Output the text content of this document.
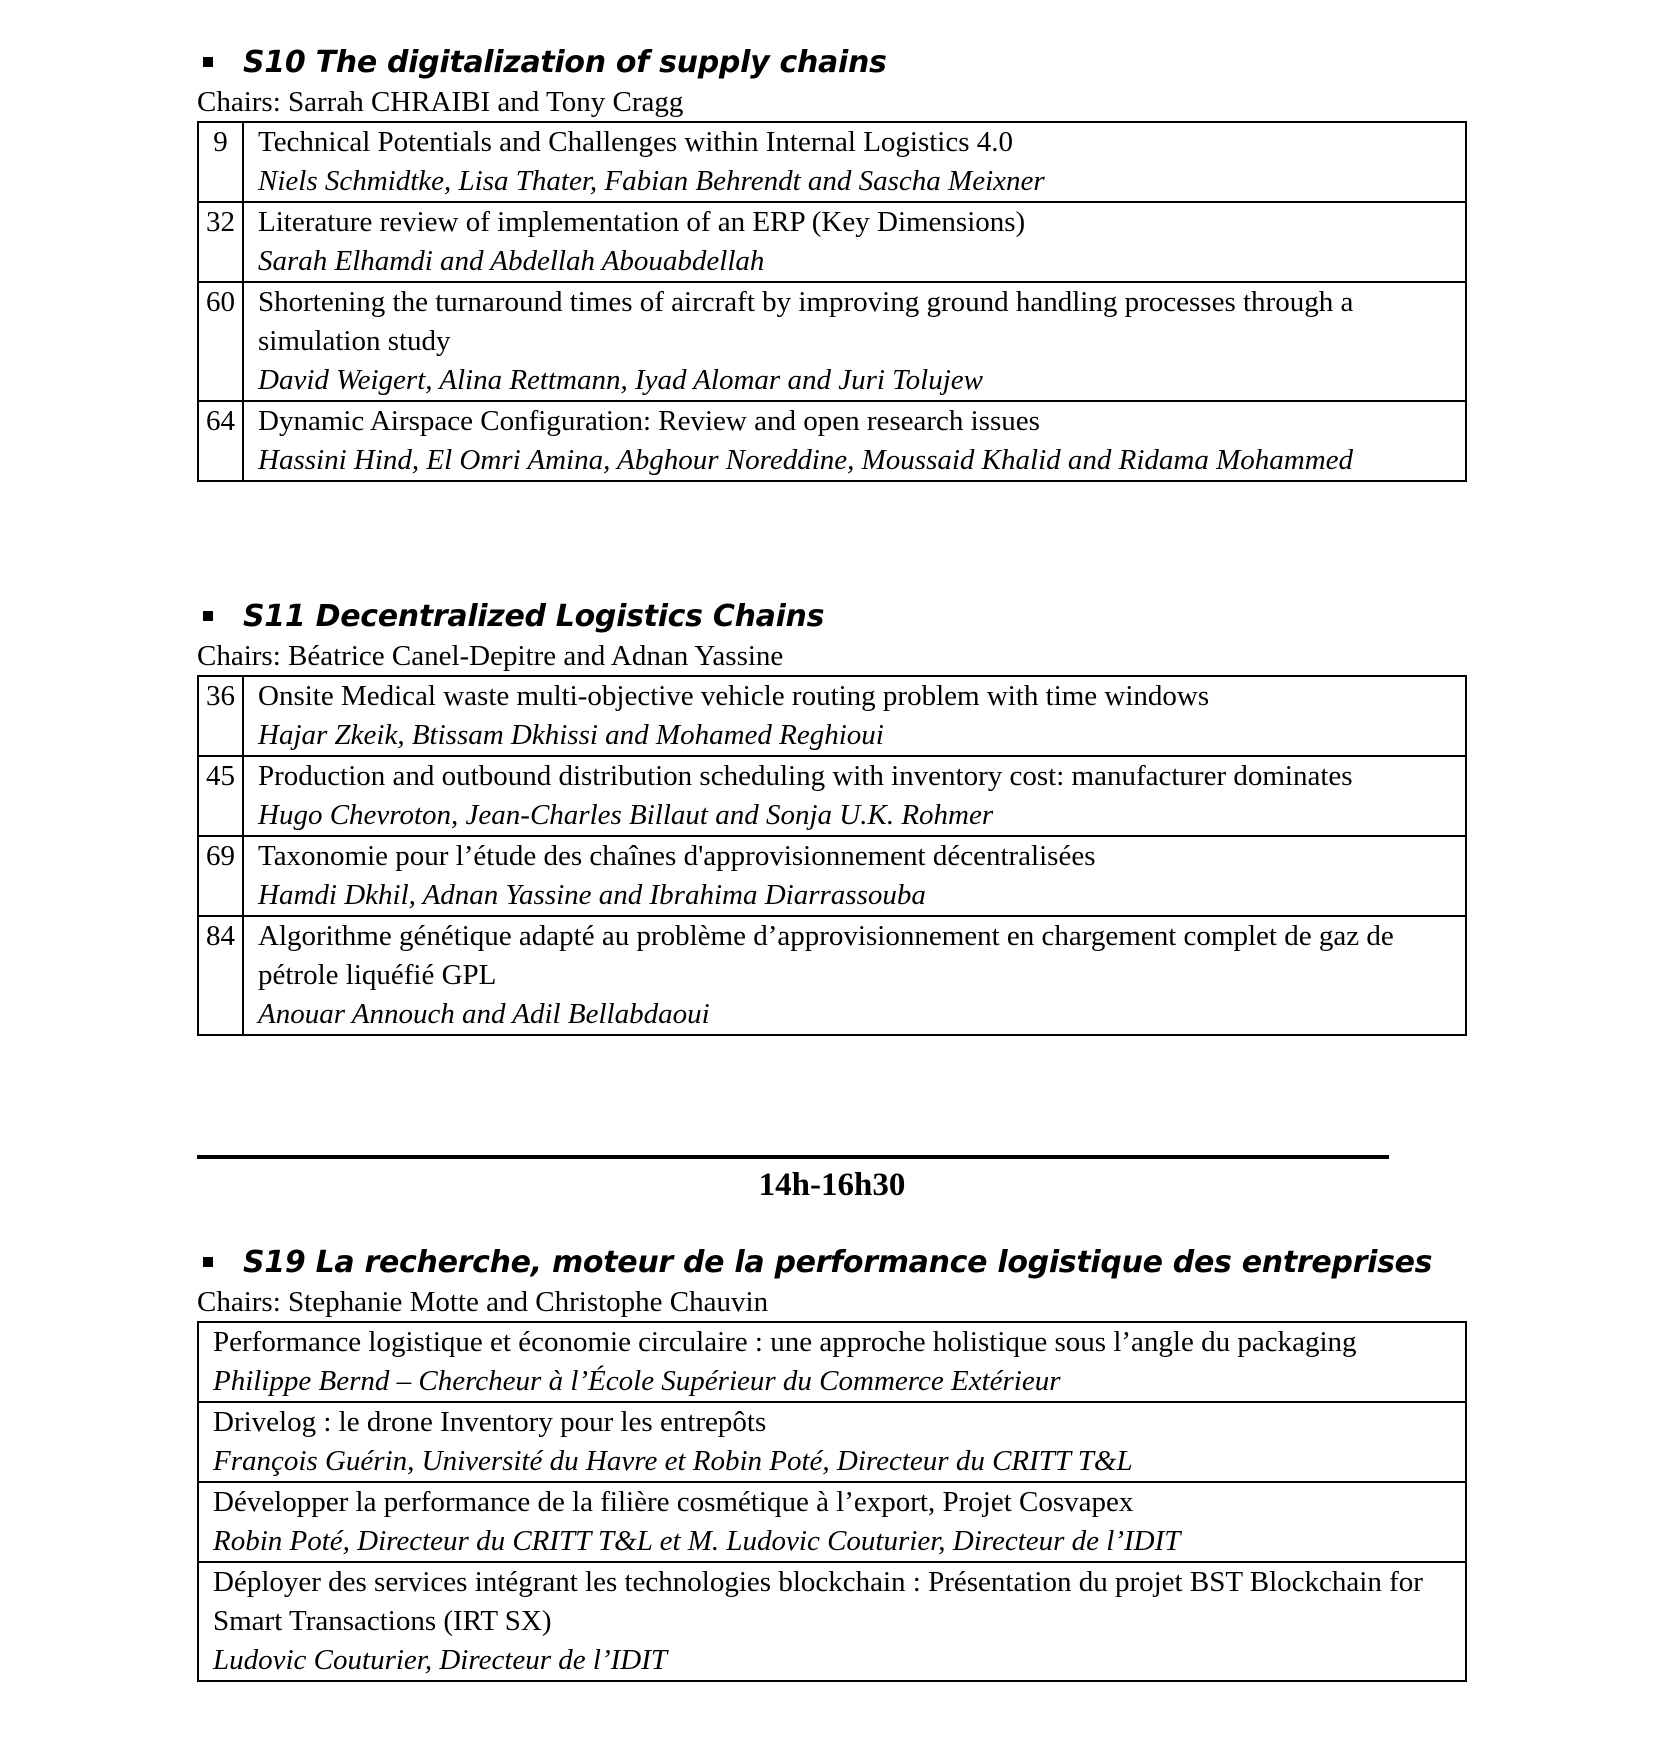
S10 The digitalization of supply chains
Chairs: Sarrah CHRAIBI and Tony Cragg
9	Technical Potentials and Challenges within Internal Logistics 4.0
Niels Schmidtke, Lisa Thater, Fabian Behrendt and Sascha Meixner

32	Literature review of implementation of an ERP (Key Dimensions)
Sarah Elhamdi and Abdellah Abouabdellah

60	Shortening the turnaround times of aircraft by improving ground handling processes through a simulation study
David Weigert, Alina Rettmann, Iyad Alomar and Juri Tolujew

64	Dynamic Airspace Configuration: Review and open research issues
Hassini Hind, El Omri Amina, Abghour Noreddine, Moussaid Khalid and Ridama Mohammed
S11 Decentralized Logistics Chains
Chairs: Béatrice Canel-Depitre and Adnan Yassine
36	Onsite Medical waste multi-objective vehicle routing problem with time windows
Hajar Zkeik, Btissam Dkhissi and Mohamed Reghioui

45	Production and outbound distribution scheduling with inventory cost: manufacturer dominates
Hugo Chevroton, Jean-Charles Billaut and Sonja U.K. Rohmer

69	Taxonomie pour l’étude des chaînes d'approvisionnement décentralisées
Hamdi Dkhil, Adnan Yassine and Ibrahima Diarrassouba

84	Algorithme génétique adapté au problème d’approvisionnement en chargement complet de gaz de pétrole liquéfié GPL
Anouar Annouch and Adil Bellabdaoui
14h-16h30
S19 La recherche, moteur de la performance logistique des entreprises
Chairs: Stephanie Motte and Christophe Chauvin
Performance logistique et économie circulaire : une approche holistique sous l’angle du packaging
Philippe Bernd – Chercheur à l’École Supérieur du Commerce Extérieur

Drivelog : le drone Inventory pour les entrepôts
François Guérin, Université du Havre et Robin Poté, Directeur du CRITT T&L

Développer la performance de la filière cosmétique à l’export, Projet Cosvapex
Robin Poté, Directeur du CRITT T&L et M. Ludovic Couturier, Directeur de l’IDIT

Déployer des services intégrant les technologies blockchain : Présentation du projet BST Blockchain for Smart Transactions (IRT SX)
Ludovic Couturier, Directeur de l’IDIT
